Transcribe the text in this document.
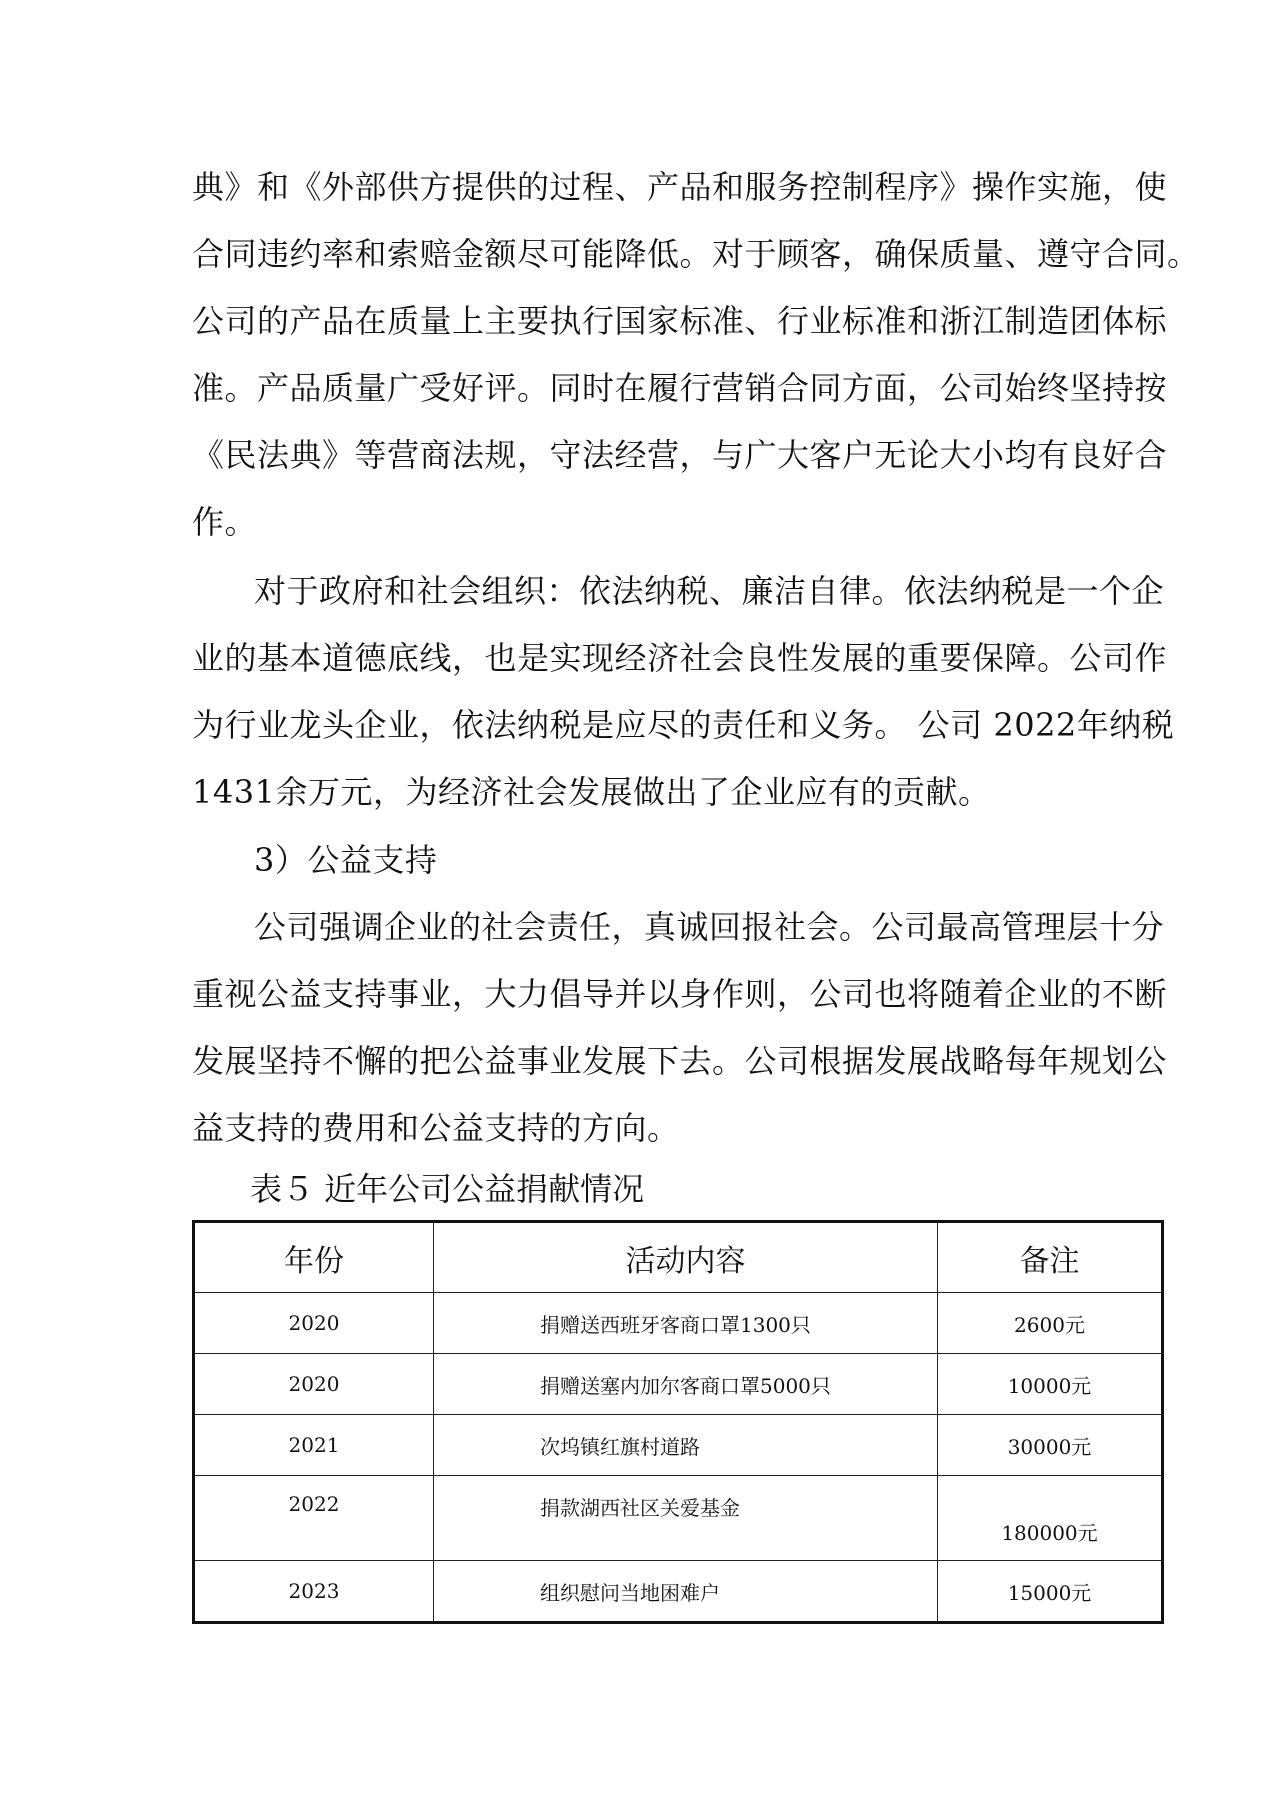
典》和《外部供方提供的过程、产品和服务控制程序》操作实施，使
合同违约率和索赔金额尽可能降低。对于顾客，确保质量、遵守合同。
公司的产品在质量上主要执行国家标准、行业标准和浙江制造团体标
准。产品质量广受好评。同时在履行营销合同方面，公司始终坚持按
《民法典》等营商法规，守法经营，与广大客户无论大小均有良好合
作。
对于政府和社会组织：依法纳税、廉洁自律。依法纳税是一个企
业的基本道德底线，也是实现经济社会良性发展的重要保障。公司作
为行业龙头企业，依法纳税是应尽的责任和义务。 公司 2022年纳税
1431余万元，为经济社会发展做出了企业应有的贡献。
3）公益支持
公司强调企业的社会责任，真诚回报社会。公司最高管理层十分
重视公益支持事业，大力倡导并以身作则，公司也将随着企业的不断
发展坚持不懈的把公益事业发展下去。公司根据发展战略每年规划公
益支持的费用和公益支持的方向。
表５ 近年公司公益捐献情况
年份	活动内容	备注
2020	捐赠送西班牙客商口罩1300只	2600元
2020	捐赠送塞内加尔客商口罩5000只	10000元
2021	次坞镇红旗村道路	30000元
2022	捐款湖西社区关爱基金	180000元
2023	组织慰问当地困难户	15000元
